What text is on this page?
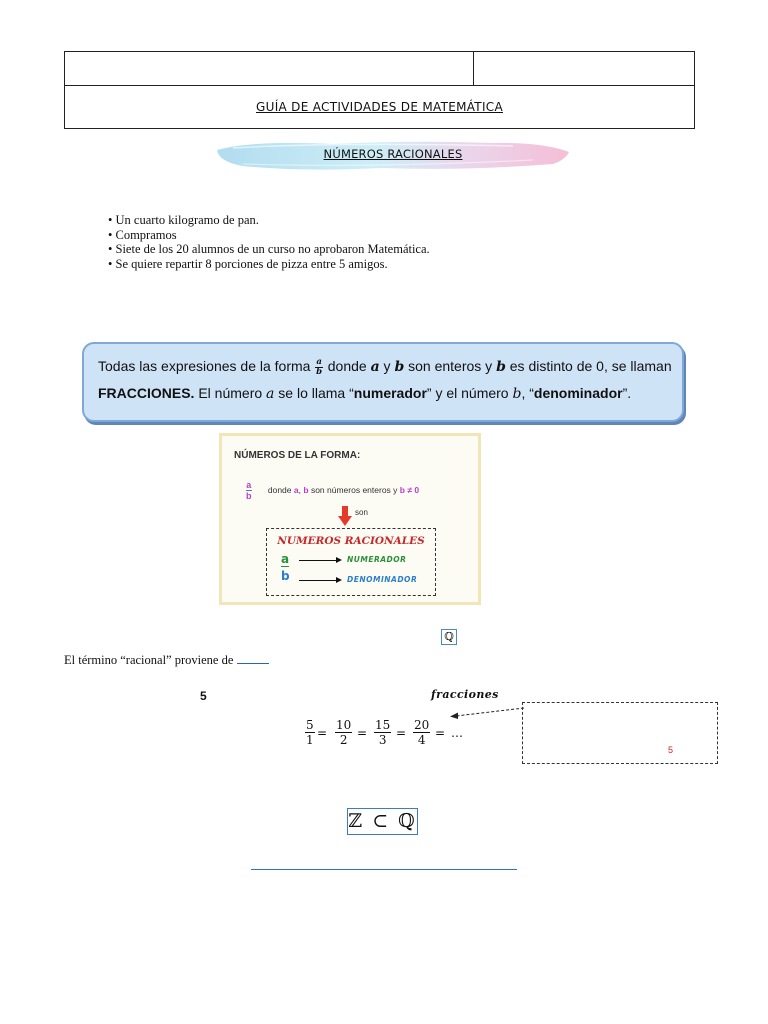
GUÍA DE ACTIVIDADES DE MATEMÁTICA
NÚMEROS RACIONALES
• Un cuarto kilogramo de pan.
• Compramos
• Siete de los 20 alumnos de un curso no aprobaron Matemática.
• Se quiere repartir 8 porciones de pizza entre 5 amigos.
Todas las expresiones de la forma $\frac{a}{b}$ donde a y b son enteros y b es distinto de 0, se llaman
FRACCIONES. El número a se lo llama “numerador” y el número b, “denominador”.
NÚMEROS DE LA FORMA:
$\frac{a}{b}$ donde a, b son números enteros y b ≠ 0
son
NUMEROS RACIONALES
a
b
NUMERADOR
DENOMINADOR
ℚ
El término “racional” proviene de
5	fracciones
5
1 =
10
2 =
15
3 =
20
4 = …
5
ℤ ⊂ ℚ
